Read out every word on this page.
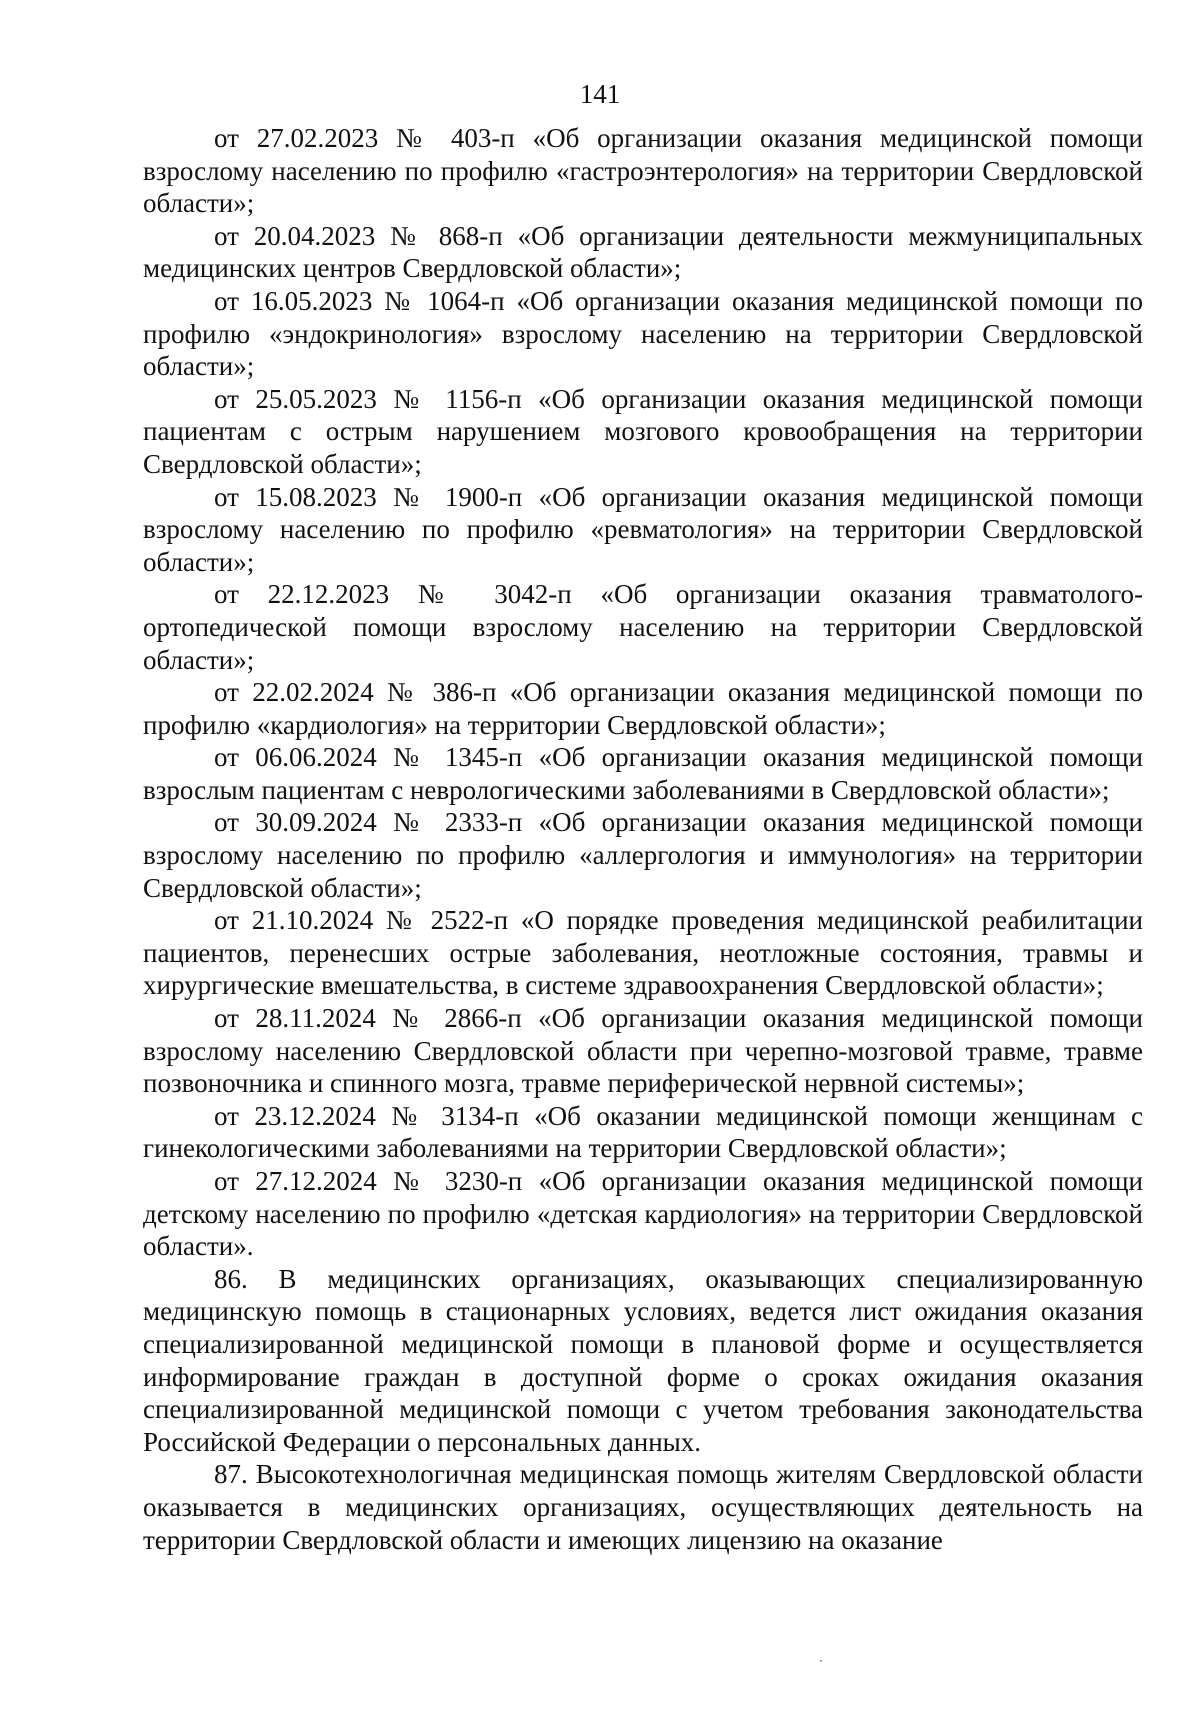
141

от 27.02.2023 № 403-п «Об организации оказания медицинской помощи взрослому населению по профилю «гастроэнтерология» на территории Свердловской области»;

от 20.04.2023 № 868-п «Об организации деятельности межмуниципальных медицинских центров Свердловской области»;

от 16.05.2023 № 1064-п «Об организации оказания медицинской помощи по профилю «эндокринология» взрослому населению на территории Свердловской области»;

от 25.05.2023 № 1156-п «Об организации оказания медицинской помощи пациентам с острым нарушением мозгового кровообращения на территории Свердловской области»;

от 15.08.2023 № 1900-п «Об организации оказания медицинской помощи взрослому населению по профилю «ревматология» на территории Свердловской области»;

от 22.12.2023 № 3042-п «Об организации оказания травматолого-ортопедической помощи взрослому населению на территории Свердловской области»;

от 22.02.2024 № 386-п «Об организации оказания медицинской помощи по профилю «кардиология» на территории Свердловской области»;

от 06.06.2024 № 1345-п «Об организации оказания медицинской помощи взрослым пациентам с неврологическими заболеваниями в Свердловской области»;

от 30.09.2024 № 2333-п «Об организации оказания медицинской помощи взрослому населению по профилю «аллергология и иммунология» на территории Свердловской области»;

от 21.10.2024 № 2522-п «О порядке проведения медицинской реабилитации пациентов, перенесших острые заболевания, неотложные состояния, травмы и хирургические вмешательства, в системе здравоохранения Свердловской области»;

от 28.11.2024 № 2866-п «Об организации оказания медицинской помощи взрослому населению Свердловской области при черепно-мозговой травме, травме позвоночника и спинного мозга, травме периферической нервной системы»;

от 23.12.2024 № 3134-п «Об оказании медицинской помощи женщинам с гинекологическими заболеваниями на территории Свердловской области»;

от 27.12.2024 № 3230-п «Об организации оказания медицинской помощи детскому населению по профилю «детская кардиология» на территории Свердловской области».

86. В медицинских организациях, оказывающих специализированную медицинскую помощь в стационарных условиях, ведется лист ожидания оказания специализированной медицинской помощи в плановой форме и осуществляется информирование граждан в доступной форме о сроках ожидания оказания специализированной медицинской помощи с учетом требования законодательства Российской Федерации о персональных данных.

87. Высокотехнологичная медицинская помощь жителям Свердловской области оказывается в медицинских организациях, осуществляющих деятельность на территории Свердловской области и имеющих лицензию на оказание
